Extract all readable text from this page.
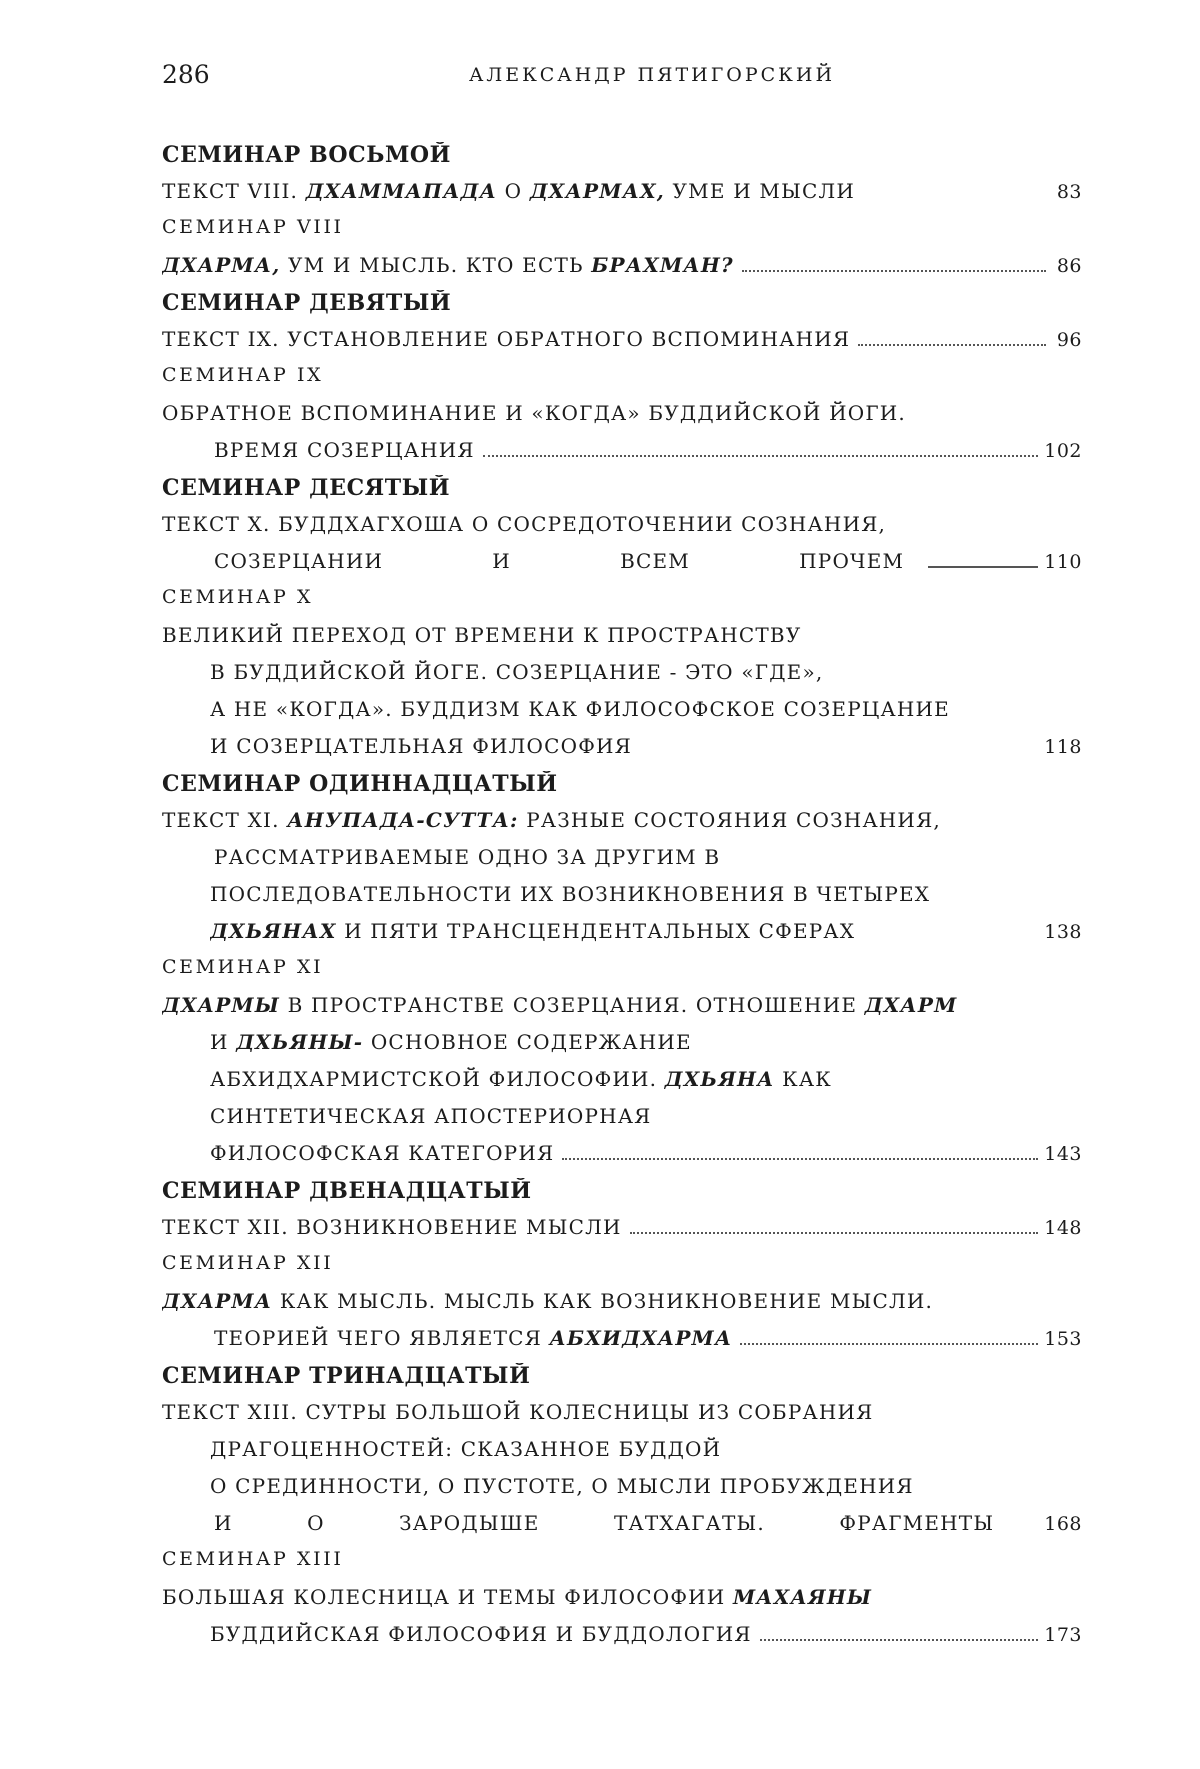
286	АЛЕКСАНДР ПЯТИГОРСКИЙ
СЕМИНАР ВОСЬМОЙ
ТЕКСТ VIII. ДХАММАПАДА О ДХАРМАХ, УМЕ И МЫСЛИ	83
СЕМИНАР VIII
ДХАРМА, УМ И МЫСЛЬ. КТО ЕСТЬ БРАХМАН?	86
СЕМИНАР ДЕВЯТЫЙ
ТЕКСТ IX. УСТАНОВЛЕНИЕ ОБРАТНОГО ВСПОМИНАНИЯ	96
СЕМИНАР IX
ОБРАТНОЕ ВСПОМИНАНИЕ И «КОГДА» БУДДИЙСКОЙ ЙОГИ.
ВРЕМЯ СОЗЕРЦАНИЯ	102
СЕМИНАР ДЕСЯТЫЙ
ТЕКСТ X. БУДДХАГХОША О СОСРЕДОТОЧЕНИИ СОЗНАНИЯ,
СОЗЕРЦАНИИ	И	ВСЕМ	ПРОЧЕМ	110
СЕМИНАР X
ВЕЛИКИЙ ПЕРЕХОД ОТ ВРЕМЕНИ К ПРОСТРАНСТВУ
В БУДДИЙСКОЙ ЙОГЕ. СОЗЕРЦАНИЕ - ЭТО «ГДЕ»,
А НЕ «КОГДА». БУДДИЗМ КАК ФИЛОСОФСКОЕ СОЗЕРЦАНИЕ
И СОЗЕРЦАТЕЛЬНАЯ ФИЛОСОФИЯ	118
СЕМИНАР ОДИННАДЦАТЫЙ
ТЕКСТ XI. АНУПАДА-СУТТА: РАЗНЫЕ СОСТОЯНИЯ СОЗНАНИЯ,
РАССМАТРИВАЕМЫЕ ОДНО ЗА ДРУГИМ В
ПОСЛЕДОВАТЕЛЬНОСТИ ИХ ВОЗНИКНОВЕНИЯ В ЧЕТЫРЕХ
ДХЬЯНАХ И ПЯТИ ТРАНСЦЕНДЕНТАЛЬНЫХ СФЕРАХ	138
СЕМИНАР XI
ДХАРМЫ В ПРОСТРАНСТВЕ СОЗЕРЦАНИЯ. ОТНОШЕНИЕ ДХАРМ
И ДХЬЯНЫ- ОСНОВНОЕ СОДЕРЖАНИЕ
АБХИДХАРМИСТСКОЙ ФИЛОСОФИИ. ДХЬЯНА КАК
СИНТЕТИЧЕСКАЯ АПОСТЕРИОРНАЯ
ФИЛОСОФСКАЯ КАТЕГОРИЯ	143
СЕМИНАР ДВЕНАДЦАТЫЙ
ТЕКСТ XII. ВОЗНИКНОВЕНИЕ МЫСЛИ	148
СЕМИНАР XII
ДХАРМА КАК МЫСЛЬ. МЫСЛЬ КАК ВОЗНИКНОВЕНИЕ МЫСЛИ.
ТЕОРИЕЙ ЧЕГО ЯВЛЯЕТСЯ АБХИДХАРМА	153
СЕМИНАР ТРИНАДЦАТЫЙ
ТЕКСТ XIII. СУТРЫ БОЛЬШОЙ КОЛЕСНИЦЫ ИЗ СОБРАНИЯ
ДРАГОЦЕННОСТЕЙ: СКАЗАННОЕ БУДДОЙ
О СРЕДИННОСТИ, О ПУСТОТЕ, О МЫСЛИ ПРОБУЖДЕНИЯ
И	О	ЗАРОДЫШЕ	ТАТХАГАТЫ.	ФРАГМЕНТЫ	168
СЕМИНАР XIII
БОЛЬШАЯ КОЛЕСНИЦА И ТЕМЫ ФИЛОСОФИИ МАХАЯНЫ
БУДДИЙСКАЯ ФИЛОСОФИЯ И БУДДОЛОГИЯ	173
